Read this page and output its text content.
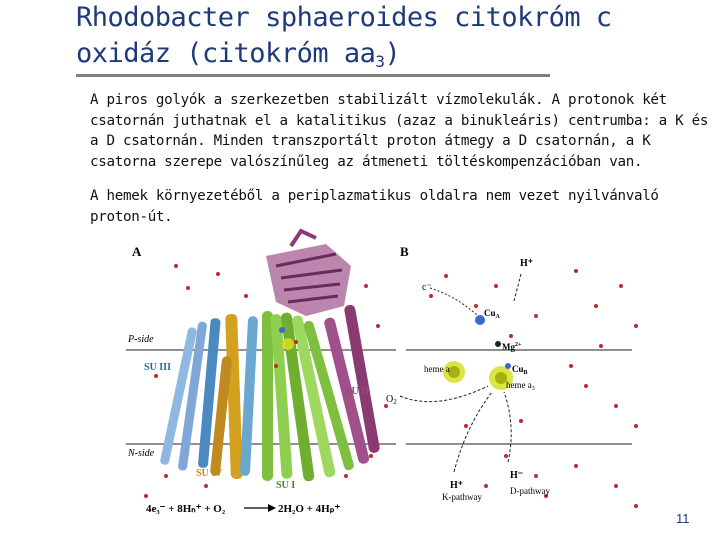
Rhodobacter sphaeroides citokróm c
oxidáz (citokróm $aa_3$)
A piros golyók a szerkezetben stabilizált vízmolekulák. A protonok két csatornán juthatnak el a katalitikus (azaz a binukleáris) centrumba: a K és a D csatornán. Minden transzportált proton átmegy a D csatornán, a K csatorna szerepe valószínűleg az átmeneti töltéskompenzációban van.
A hemek környezetéből a periplazmatikus oldalra nem vezet nyilvánvaló proton-út.
A
P-side
N-side
SU III
SU II
SU IV
SU I
4e₃⁻ + 8Hₙ⁺ + O₂	2H₂O + 4Hₚ⁺
B
H⁺
c⁻
$Cu_A$
$Mg^{2+}$
heme a	$Cu_B$
heme $a_3$
$O_2$
H⁺
H⁻
K-pathway
D-pathway
11
